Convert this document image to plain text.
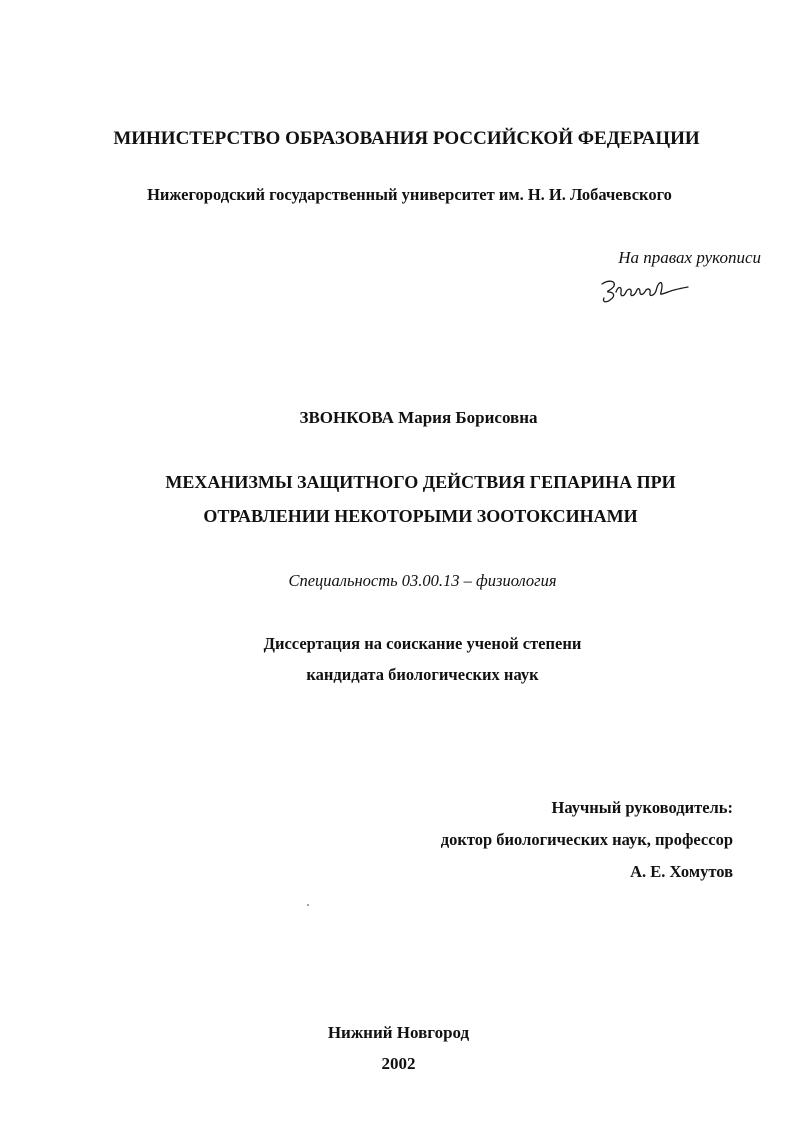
МИНИСТЕРСТВО ОБРАЗОВАНИЯ РОССИЙСКОЙ ФЕДЕРАЦИИ
Нижегородский государственный университет им. Н. И. Лобачевского
На правах рукописи
ЗВОНКОВА Мария Борисовна
МЕХАНИЗМЫ ЗАЩИТНОГО ДЕЙСТВИЯ ГЕПАРИНА ПРИ
ОТРАВЛЕНИИ НЕКОТОРЫМИ ЗООТОКСИНАМИ
Специальность 03.00.13 – физиология
Диссертация на соискание ученой степени
кандидата биологических наук
Научный руководитель:
доктор биологических наук, профессор
А. Е. Хомутов
Нижний Новгород
2002
